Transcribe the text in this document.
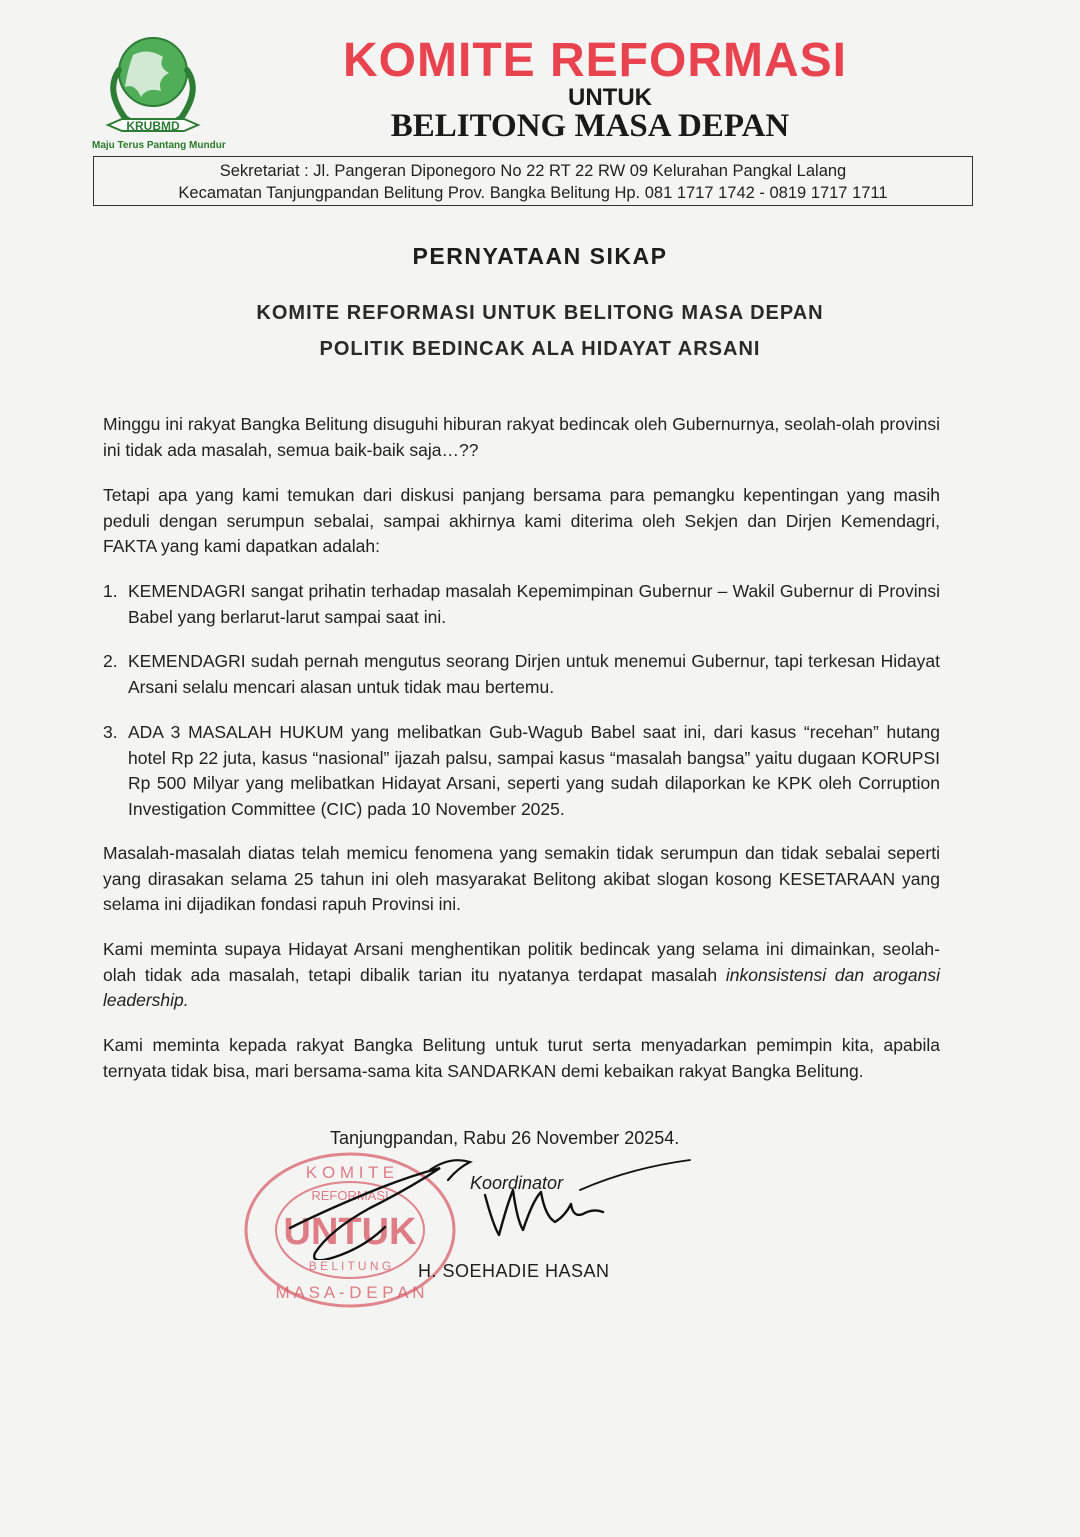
KRUBMD
Maju Terus Pantang Mundur
KOMITE REFORMASI
UNTUK
BELITONG MASA DEPAN
Sekretariat : Jl. Pangeran Diponegoro No 22 RT 22 RW 09 Kelurahan Pangkal Lalang
Kecamatan Tanjungpandan Belitung Prov. Bangka Belitung Hp. 081 1717 1742 - 0819 1717 1711
PERNYATAAN SIKAP
KOMITE REFORMASI UNTUK BELITONG MASA DEPAN
POLITIK BEDINCAK ALA HIDAYAT ARSANI
Minggu ini rakyat Bangka Belitung disuguhi hiburan rakyat bedincak oleh Gubernurnya, seolah-olah provinsi ini tidak ada masalah, semua baik-baik saja…??
Tetapi apa yang kami temukan dari diskusi panjang bersama para pemangku kepentingan yang masih peduli dengan serumpun sebalai, sampai akhirnya kami diterima oleh Sekjen dan Dirjen Kemendagri, FAKTA yang kami dapatkan adalah:
1. KEMENDAGRI sangat prihatin terhadap masalah Kepemimpinan Gubernur – Wakil Gubernur di Provinsi Babel yang berlarut-larut sampai saat ini.
2. KEMENDAGRI sudah pernah mengutus seorang Dirjen untuk menemui Gubernur, tapi terkesan Hidayat Arsani selalu mencari alasan untuk tidak mau bertemu.
3. ADA 3 MASALAH HUKUM yang melibatkan Gub-Wagub Babel saat ini, dari kasus “recehan” hutang hotel Rp 22 juta, kasus “nasional” ijazah palsu, sampai kasus “masalah bangsa” yaitu dugaan KORUPSI Rp 500 Milyar yang melibatkan Hidayat Arsani, seperti yang sudah dilaporkan ke KPK oleh Corruption Investigation Committee (CIC) pada 10 November 2025.
Masalah-masalah diatas telah memicu fenomena yang semakin tidak serumpun dan tidak sebalai seperti yang dirasakan selama 25 tahun ini oleh masyarakat Belitong akibat slogan kosong KESETARAAN yang selama ini dijadikan fondasi rapuh Provinsi ini.
Kami meminta supaya Hidayat Arsani menghentikan politik bedincak yang selama ini dimainkan, seolah-olah tidak ada masalah, tetapi dibalik tarian itu nyatanya terdapat masalah inkonsistensi dan arogansi leadership.
Kami meminta kepada rakyat Bangka Belitung untuk turut serta menyadarkan pemimpin kita, apabila ternyata tidak bisa, mari bersama-sama kita SANDARKAN demi kebaikan rakyat Bangka Belitung.
K O M I T E
REFORMASI
UNTUK
B E L I T U N G
M A S A - D E P A N
Tanjungpandan, Rabu 26 November 20254.
Koordinator
H. SOEHADIE HASAN
